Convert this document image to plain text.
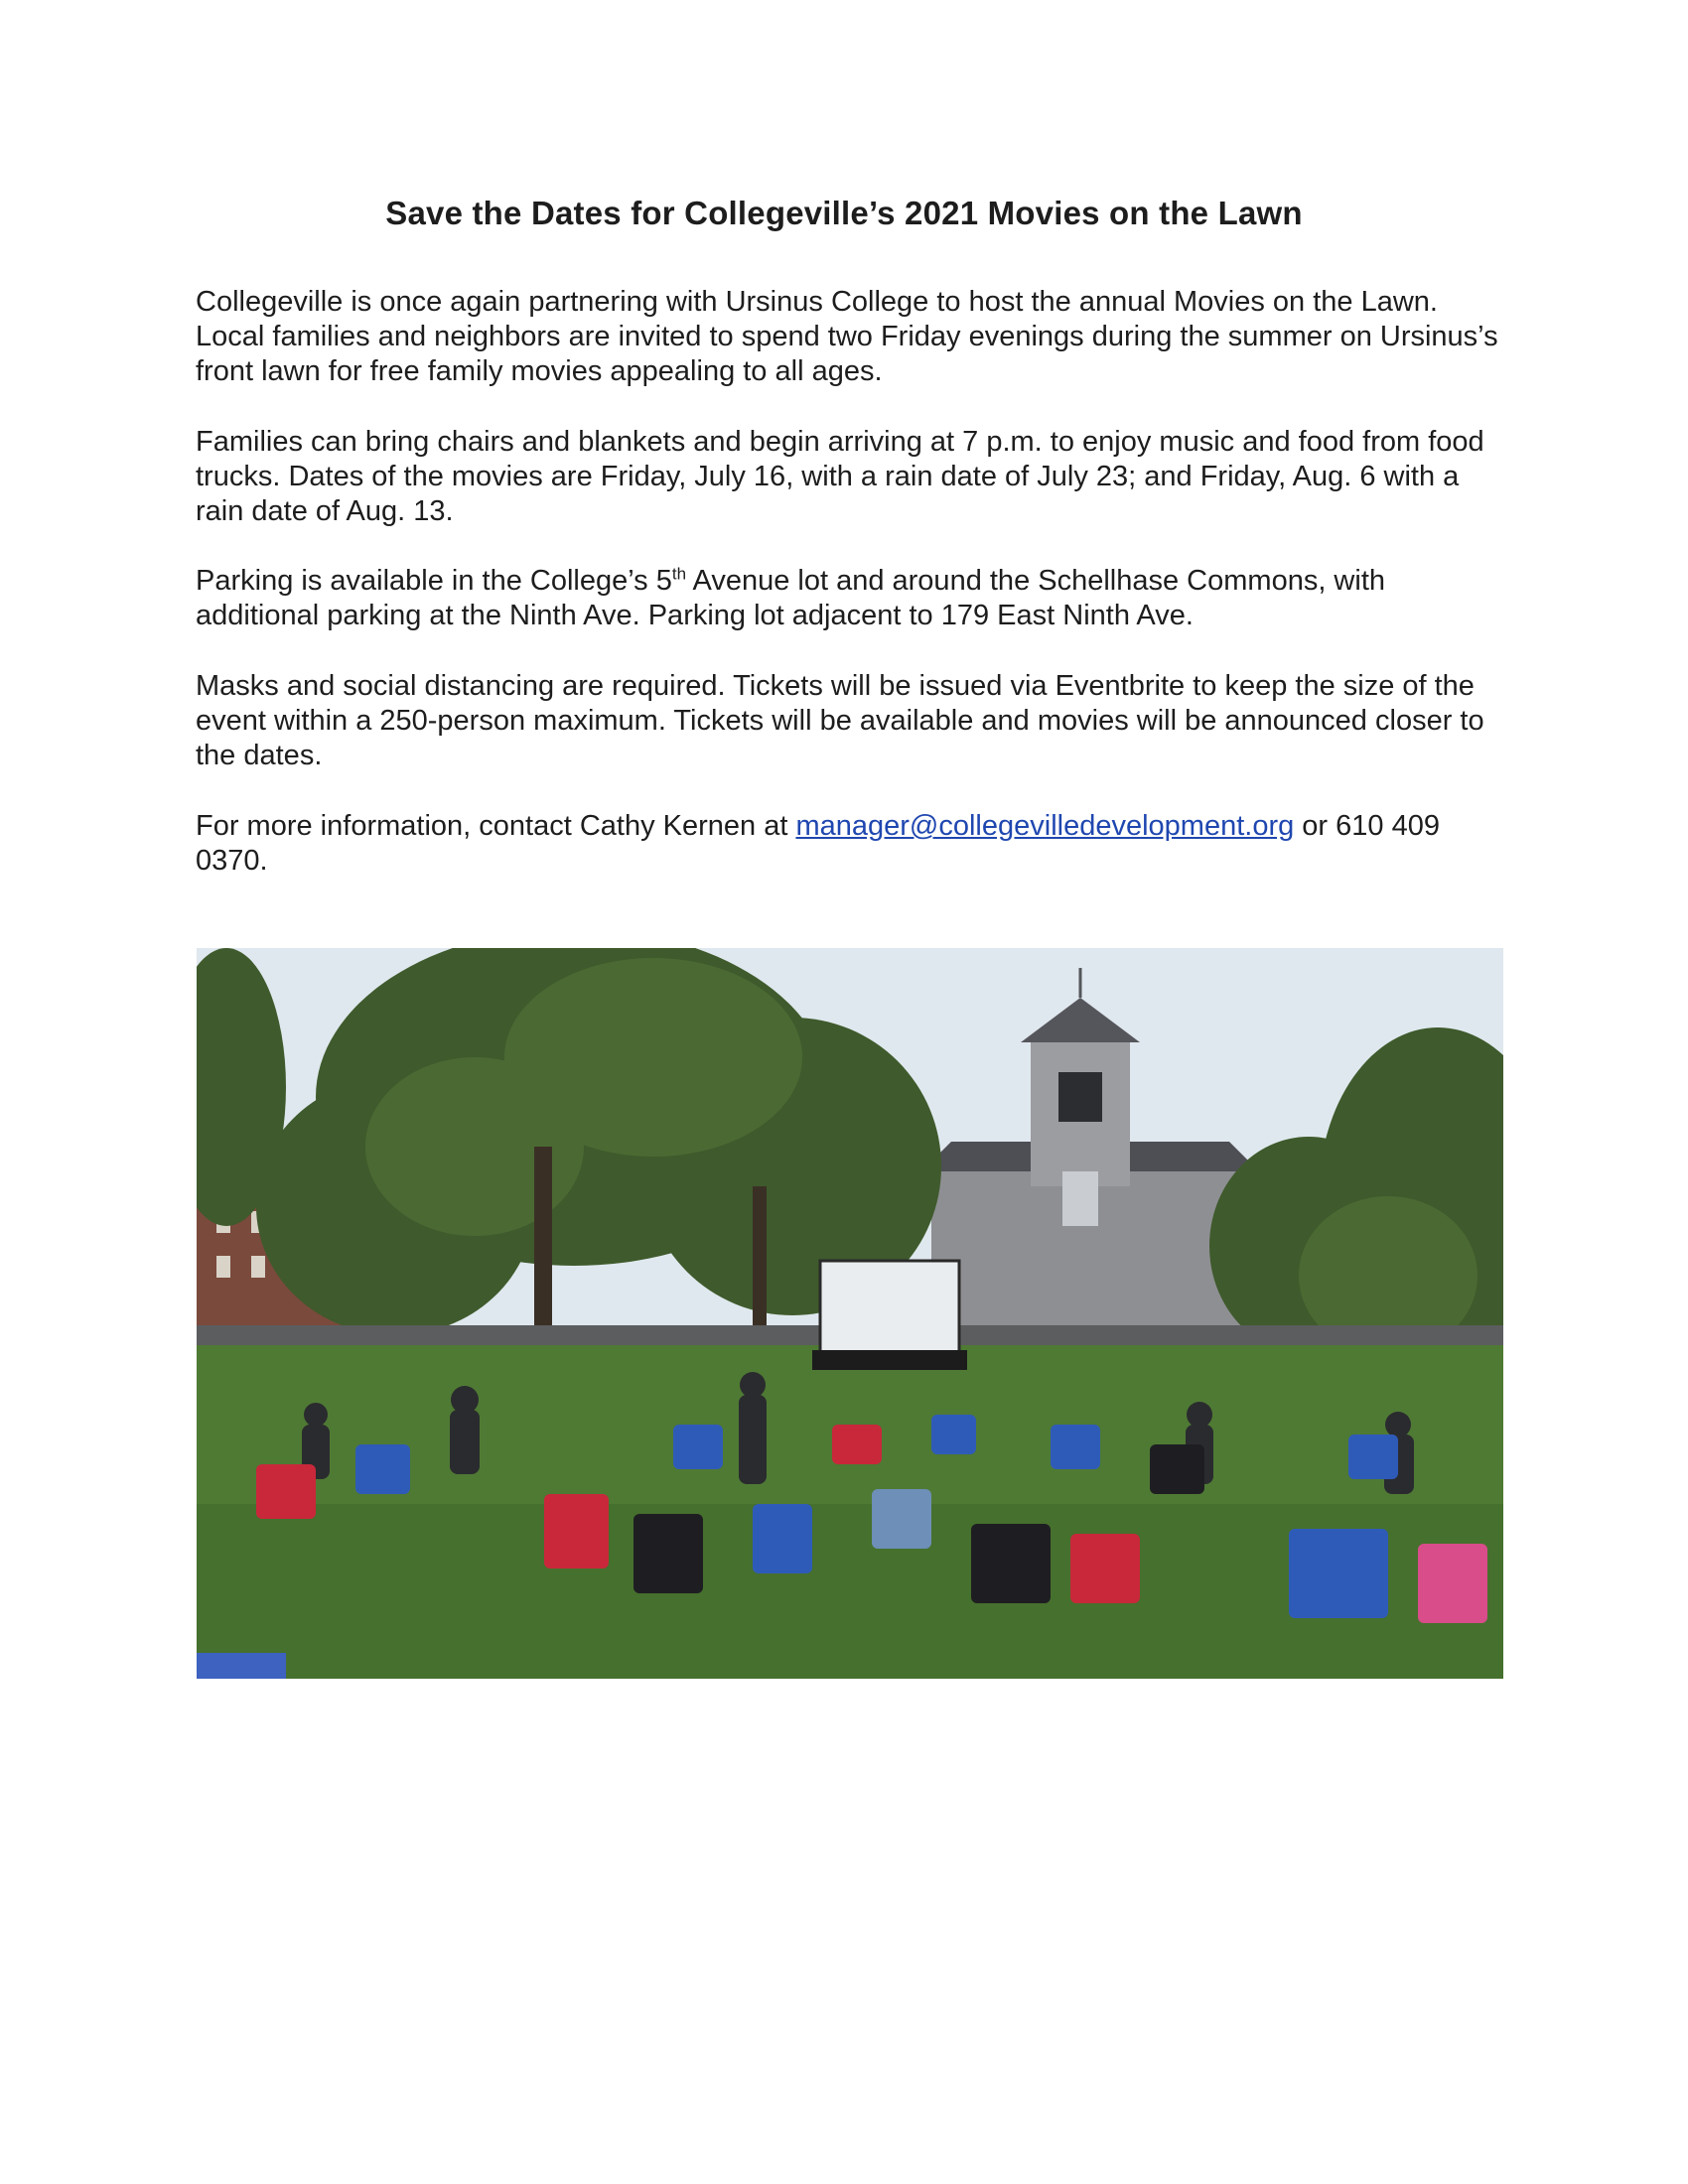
Save the Dates for Collegeville’s 2021 Movies on the Lawn

Collegeville is once again partnering with Ursinus College to host the annual Movies on the Lawn. Local families and neighbors are invited to spend two Friday evenings during the summer on Ursinus’s front lawn for free family movies appealing to all ages.

Families can bring chairs and blankets and begin arriving at 7 p.m. to enjoy music and food from food trucks. Dates of the movies are Friday, July 16, with a rain date of July 23; and Friday, Aug. 6 with a rain date of Aug. 13.

Parking is available in the College’s 5th Avenue lot and around the Schellhase Commons, with additional parking at the Ninth Ave. Parking lot adjacent to 179 East Ninth Ave.

Masks and social distancing are required. Tickets will be issued via Eventbrite to keep the size of the event within a 250-person maximum. Tickets will be available and movies will be announced closer to the dates.

For more information, contact Cathy Kernen at manager@collegevilledevelopment.org or 610 409 0370.
